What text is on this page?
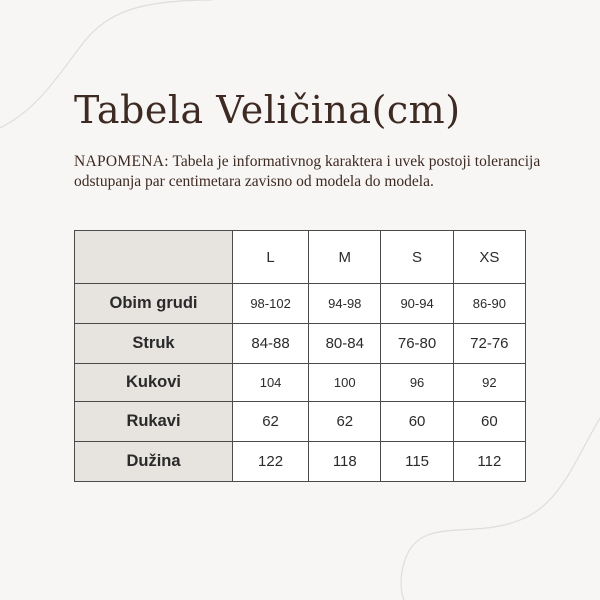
Tabela Veličina(cm)

NAPOMENA: Tabela je informativnog karaktera i uvek postoji tolerancija odstupanja par centimetara zavisno od modela do modela.

	L	M	S	XS
Obim grudi	98-102	94-98	90-94	86-90
Struk	84-88	80-84	76-80	72-76
Kukovi	104	100	96	92
Rukavi	62	62	60	60
Dužina	122	118	115	112
